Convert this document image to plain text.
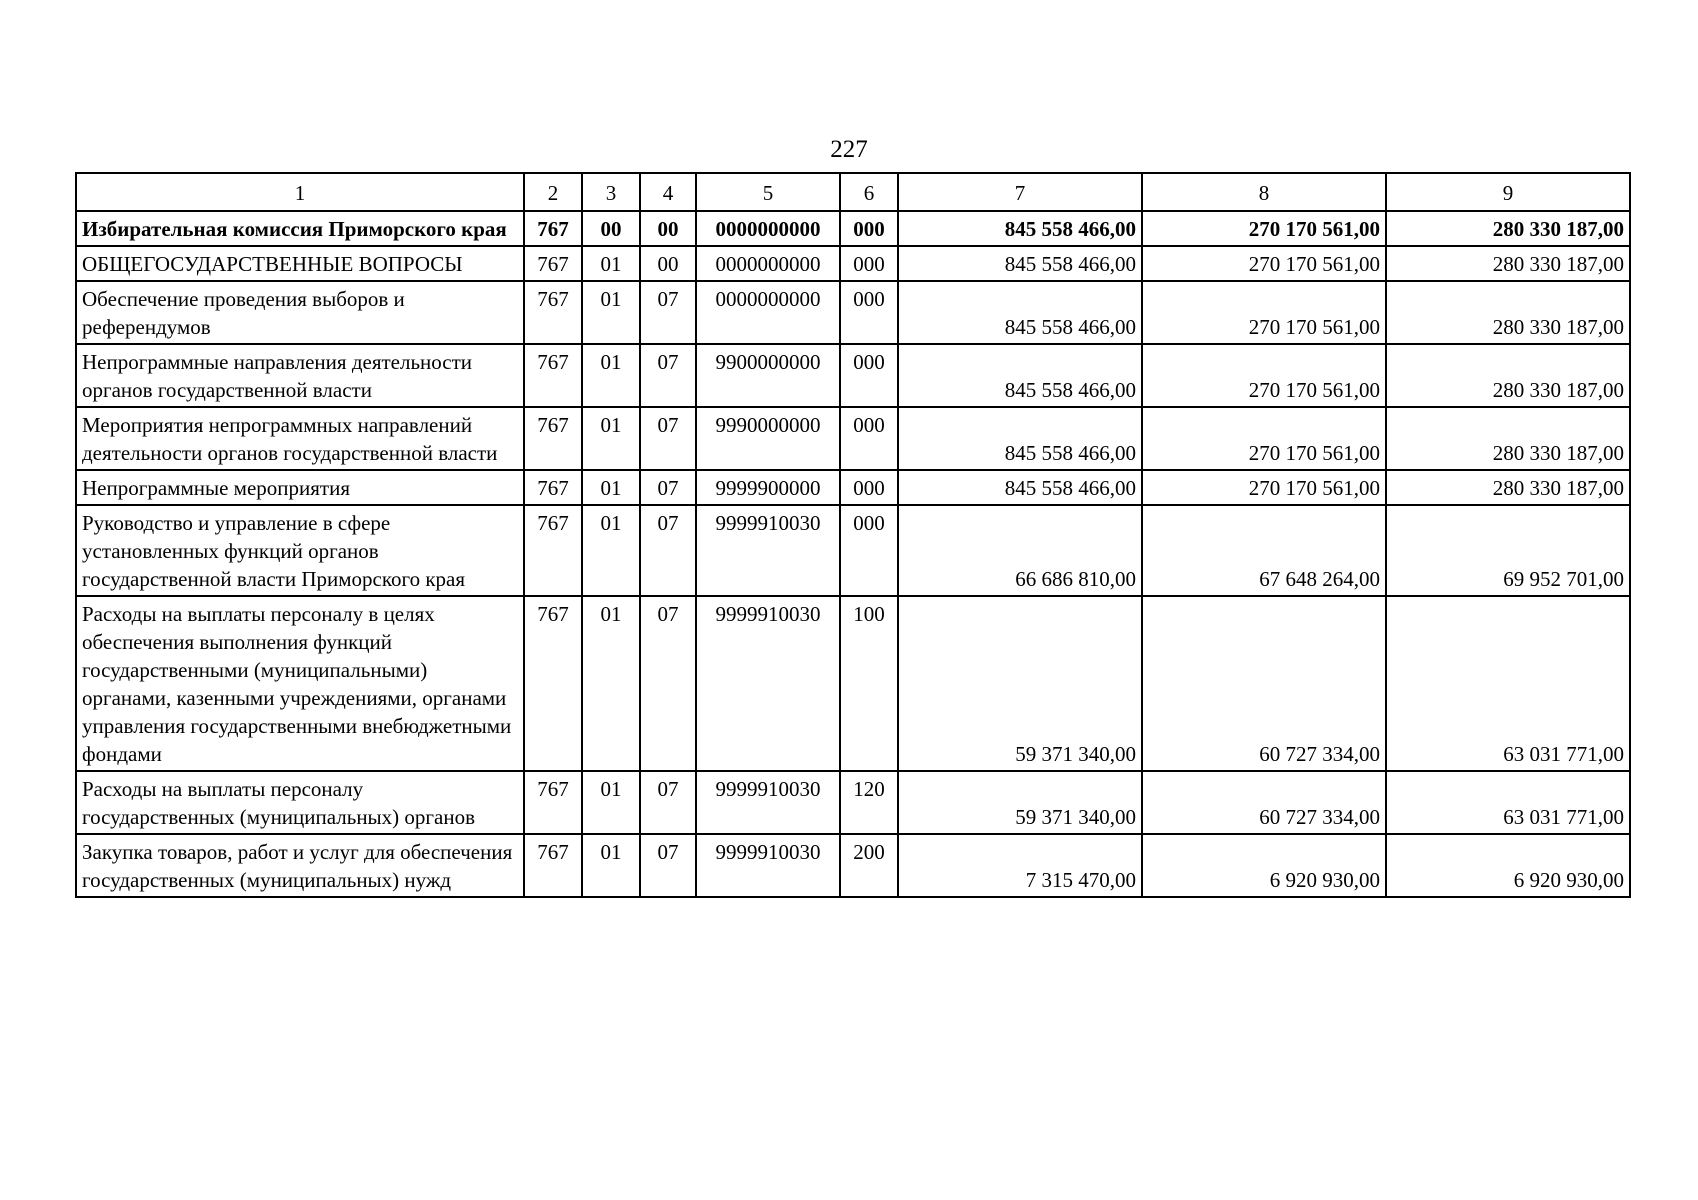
227
1	2	3	4	5	6	7	8	9
Избирательная комиссия Приморского края	767	00	00	0000000000	000	845 558 466,00	270 170 561,00	280 330 187,00
ОБЩЕГОСУДАРСТВЕННЫЕ ВОПРОСЫ	767	01	00	0000000000	000	845 558 466,00	270 170 561,00	280 330 187,00
Обеспечение проведения выборов и референдумов	767	01	07	0000000000	000	845 558 466,00	270 170 561,00	280 330 187,00
Непрограммные направления деятельности органов государственной власти	767	01	07	9900000000	000	845 558 466,00	270 170 561,00	280 330 187,00
Мероприятия непрограммных направлений деятельности органов государственной власти	767	01	07	9990000000	000	845 558 466,00	270 170 561,00	280 330 187,00
Непрограммные мероприятия	767	01	07	9999900000	000	845 558 466,00	270 170 561,00	280 330 187,00
Руководство и управление в сфере установленных функций органов государственной власти Приморского края	767	01	07	9999910030	000	66 686 810,00	67 648 264,00	69 952 701,00
Расходы на выплаты персоналу в целях обеспечения выполнения функций государственными (муниципальными) органами, казенными учреждениями, органами управления государственными внебюджетными фондами	767	01	07	9999910030	100	59 371 340,00	60 727 334,00	63 031 771,00
Расходы на выплаты персоналу государственных (муниципальных) органов	767	01	07	9999910030	120	59 371 340,00	60 727 334,00	63 031 771,00
Закупка товаров, работ и услуг для обеспечения государственных (муниципальных) нужд	767	01	07	9999910030	200	7 315 470,00	6 920 930,00	6 920 930,00
